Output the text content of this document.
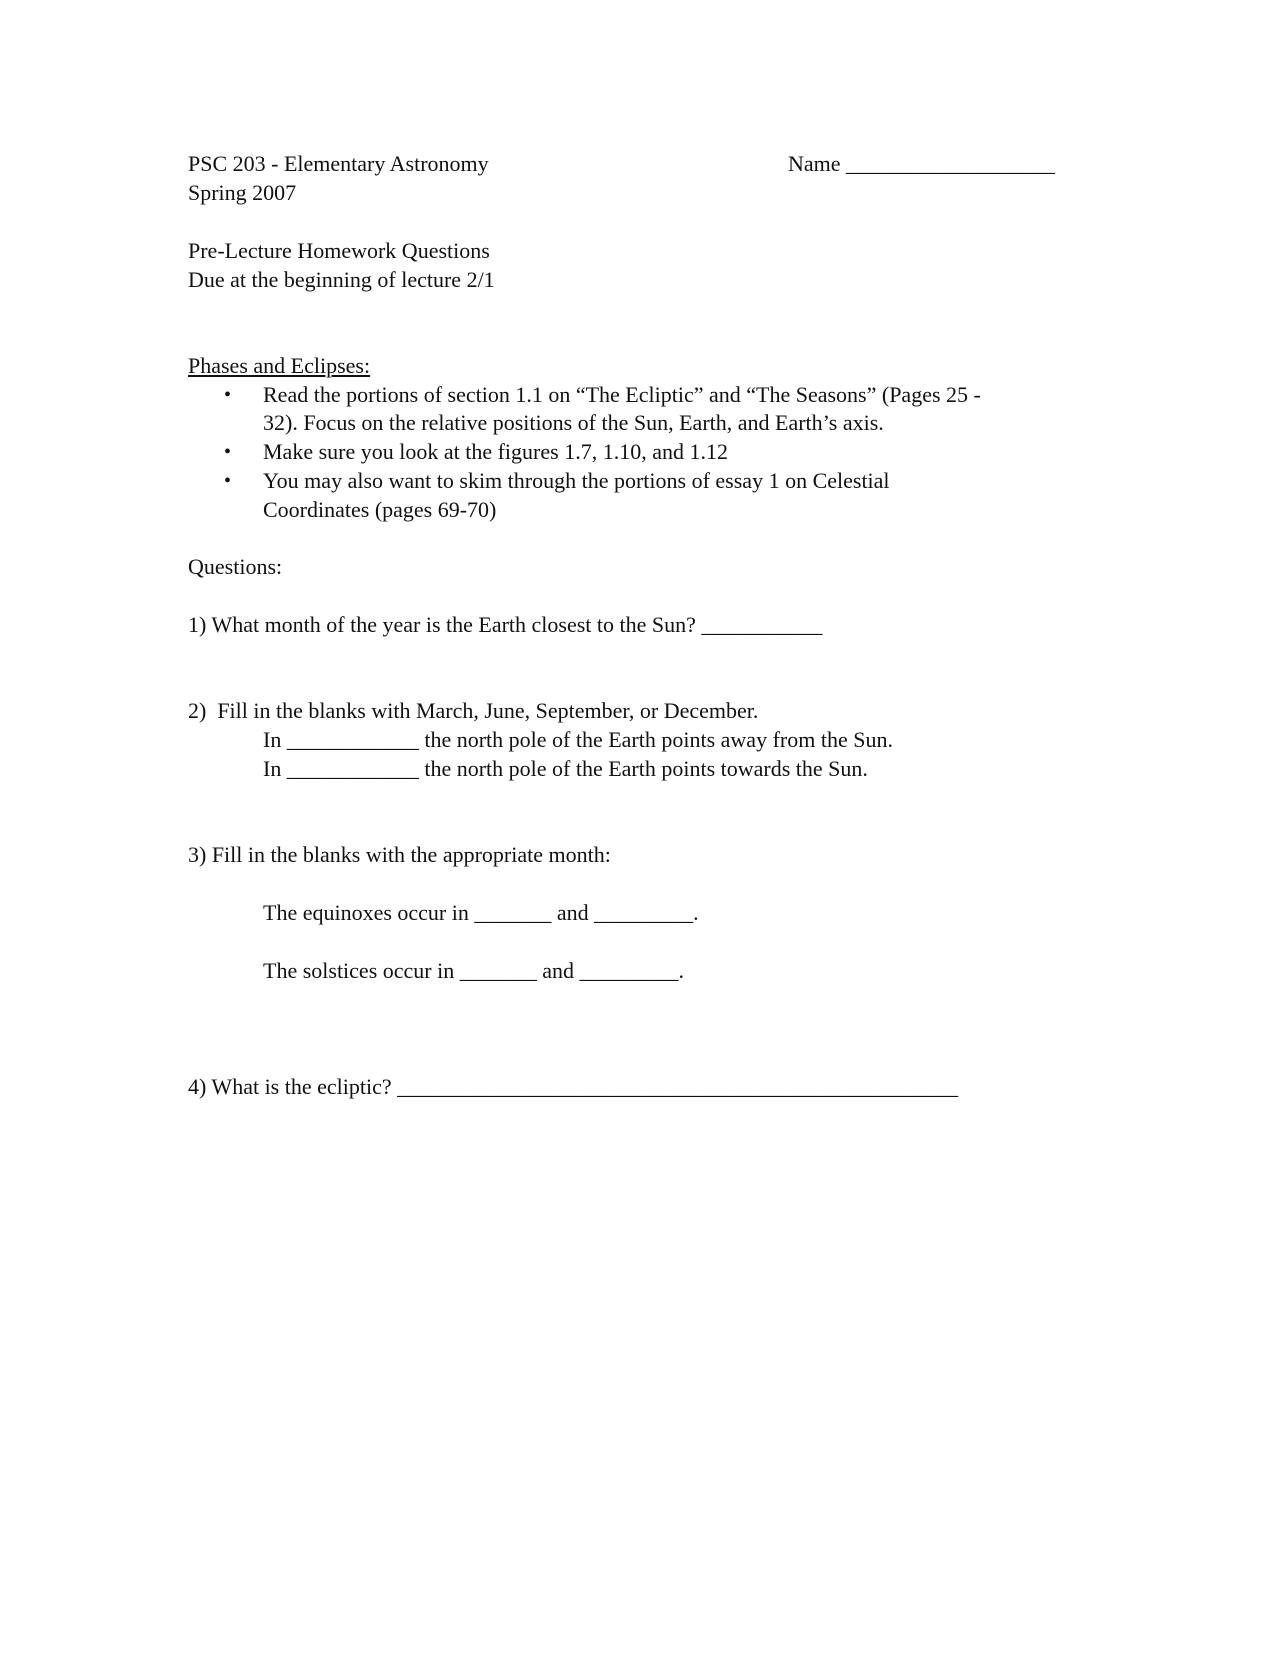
PSC 203 - Elementary Astronomy	Name ___________________
Spring 2007
Pre-Lecture Homework Questions
Due at the beginning of lecture 2/1
Phases and Eclipses:
• Read the portions of section 1.1 on “The Ecliptic” and “The Seasons” (Pages 25 -
32). Focus on the relative positions of the Sun, Earth, and Earth’s axis.
• Make sure you look at the figures 1.7, 1.10, and 1.12
• You may also want to skim through the portions of essay 1 on Celestial
Coordinates (pages 69-70)
Questions:
1) What month of the year is the Earth closest to the Sun? ___________
2)  Fill in the blanks with March, June, September, or December.
In ____________ the north pole of the Earth points away from the Sun.
In ____________ the north pole of the Earth points towards the Sun.
3) Fill in the blanks with the appropriate month:
The equinoxes occur in _______ and _________.
The solstices occur in _______ and _________.
4) What is the ecliptic? ___________________________________________________
